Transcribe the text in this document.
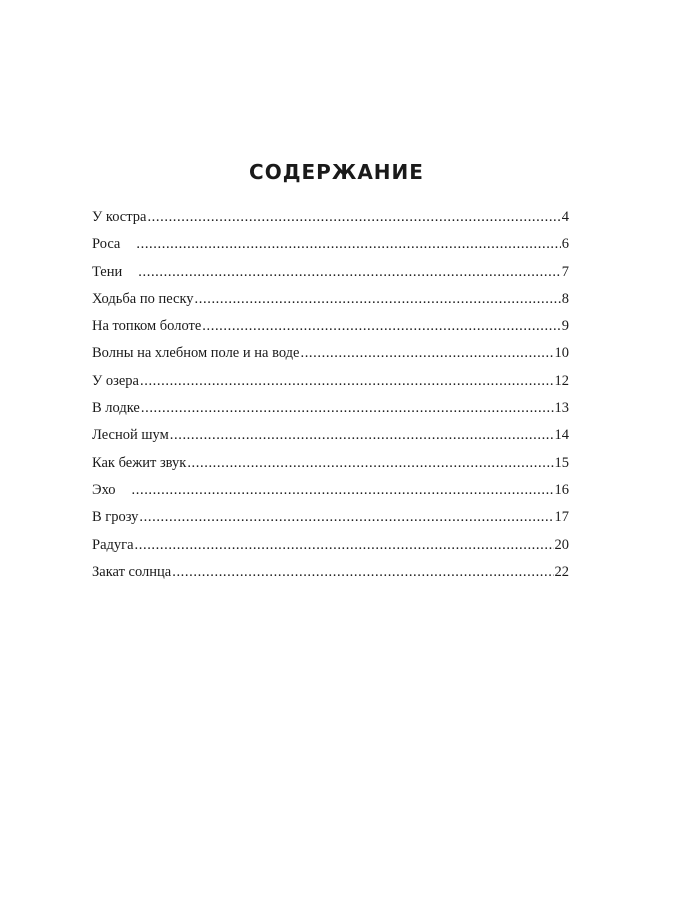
СОДЕРЖАНИЕ
У костра .....	4
Роса .....	6
Тени .....	7
Ходьба по песку .....	8
На топком болоте .....	9
Волны на хлебном поле и на воде .....	10
У озера .....	12
В лодке .....	13
Лесной шум .....	14
Как бежит звук .....	15
Эхо .....	16
В грозу .....	17
Радуга .....	20
Закат солнца .....	22
